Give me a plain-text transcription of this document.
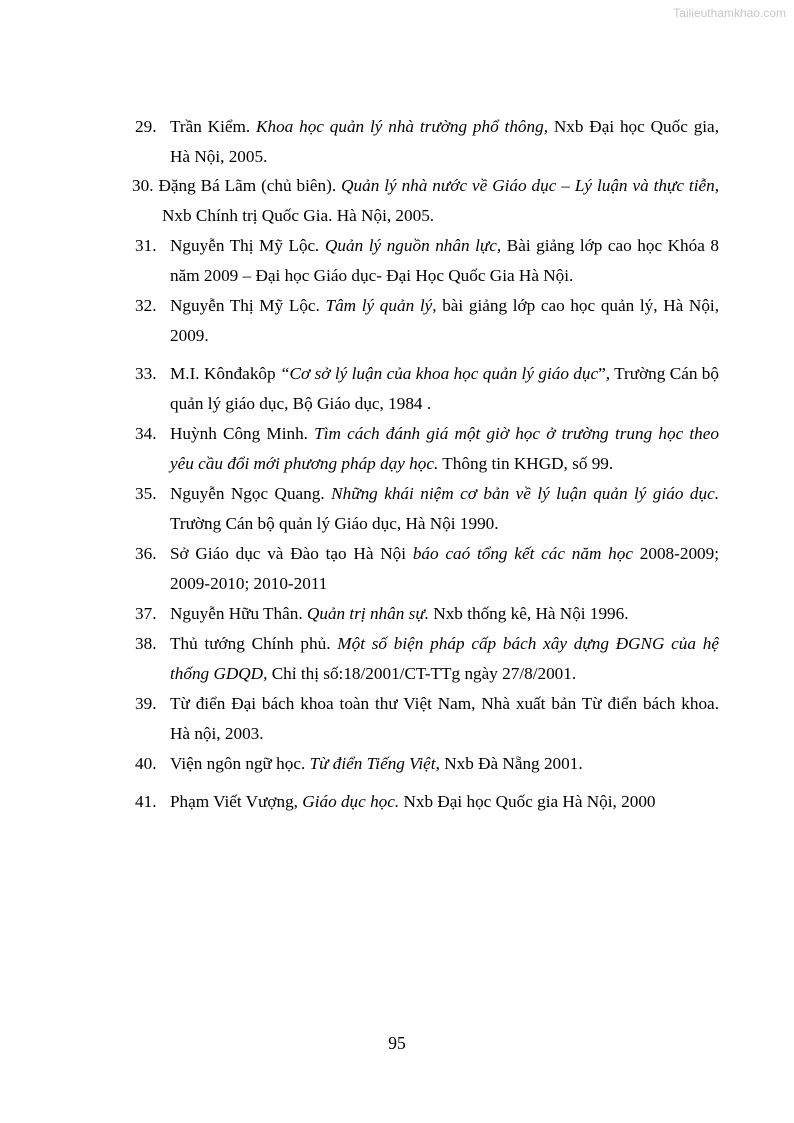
Tailieuthamkhao.com
29. Trần Kiểm. Khoa học quản lý nhà trường phổ thông, Nxb Đại học Quốc gia, Hà Nội, 2005.
30. Đặng Bá Lãm (chủ biên). Quản lý nhà nước về Giáo dục – Lý luận và thực tiễn, Nxb Chính trị Quốc Gia. Hà Nội, 2005.
31. Nguyễn Thị Mỹ Lộc. Quản lý nguồn nhân lực, Bài giảng lớp cao học Khóa 8 năm 2009 – Đại học Giáo dục- Đại Học Quốc Gia Hà Nội.
32. Nguyễn Thị Mỹ Lộc. Tâm lý quản lý, bài giảng lớp cao học quản lý, Hà Nội, 2009.
33. M.I. Kônđakôp “Cơ sở lý luận của khoa học quản lý giáo dục”, Trường Cán bộ quản lý giáo dục, Bộ Giáo dục, 1984 .
34. Huỳnh Công Minh. Tìm cách đánh giá một giờ học ở trường trung học theo yêu cầu đổi mới phương pháp dạy học. Thông tin KHGD, số 99.
35. Nguyễn Ngọc Quang. Những khái niệm cơ bản về lý luận quản lý giáo dục. Trường Cán bộ quản lý Giáo dục, Hà Nội 1990.
36. Sở Giáo dục và Đào tạo Hà Nội báo caó tổng kết các năm học 2008-2009; 2009-2010; 2010-2011
37. Nguyễn Hữu Thân. Quản trị nhân sự. Nxb thống kê, Hà Nội 1996.
38. Thủ tướng Chính phủ. Một số biện pháp cấp bách xây dựng ĐGNG của hệ thống GDQD, Chỉ thị số:18/2001/CT-TTg ngày 27/8/2001.
39. Từ điển Đại bách khoa toàn thư Việt Nam, Nhà xuất bản Từ điển bách khoa. Hà nội, 2003.
40. Viện ngôn ngữ học. Từ điển Tiếng Việt, Nxb Đà Nẵng 2001.
41. Phạm Viết Vượng, Giáo dục học. Nxb Đại học Quốc gia Hà Nội, 2000
95
